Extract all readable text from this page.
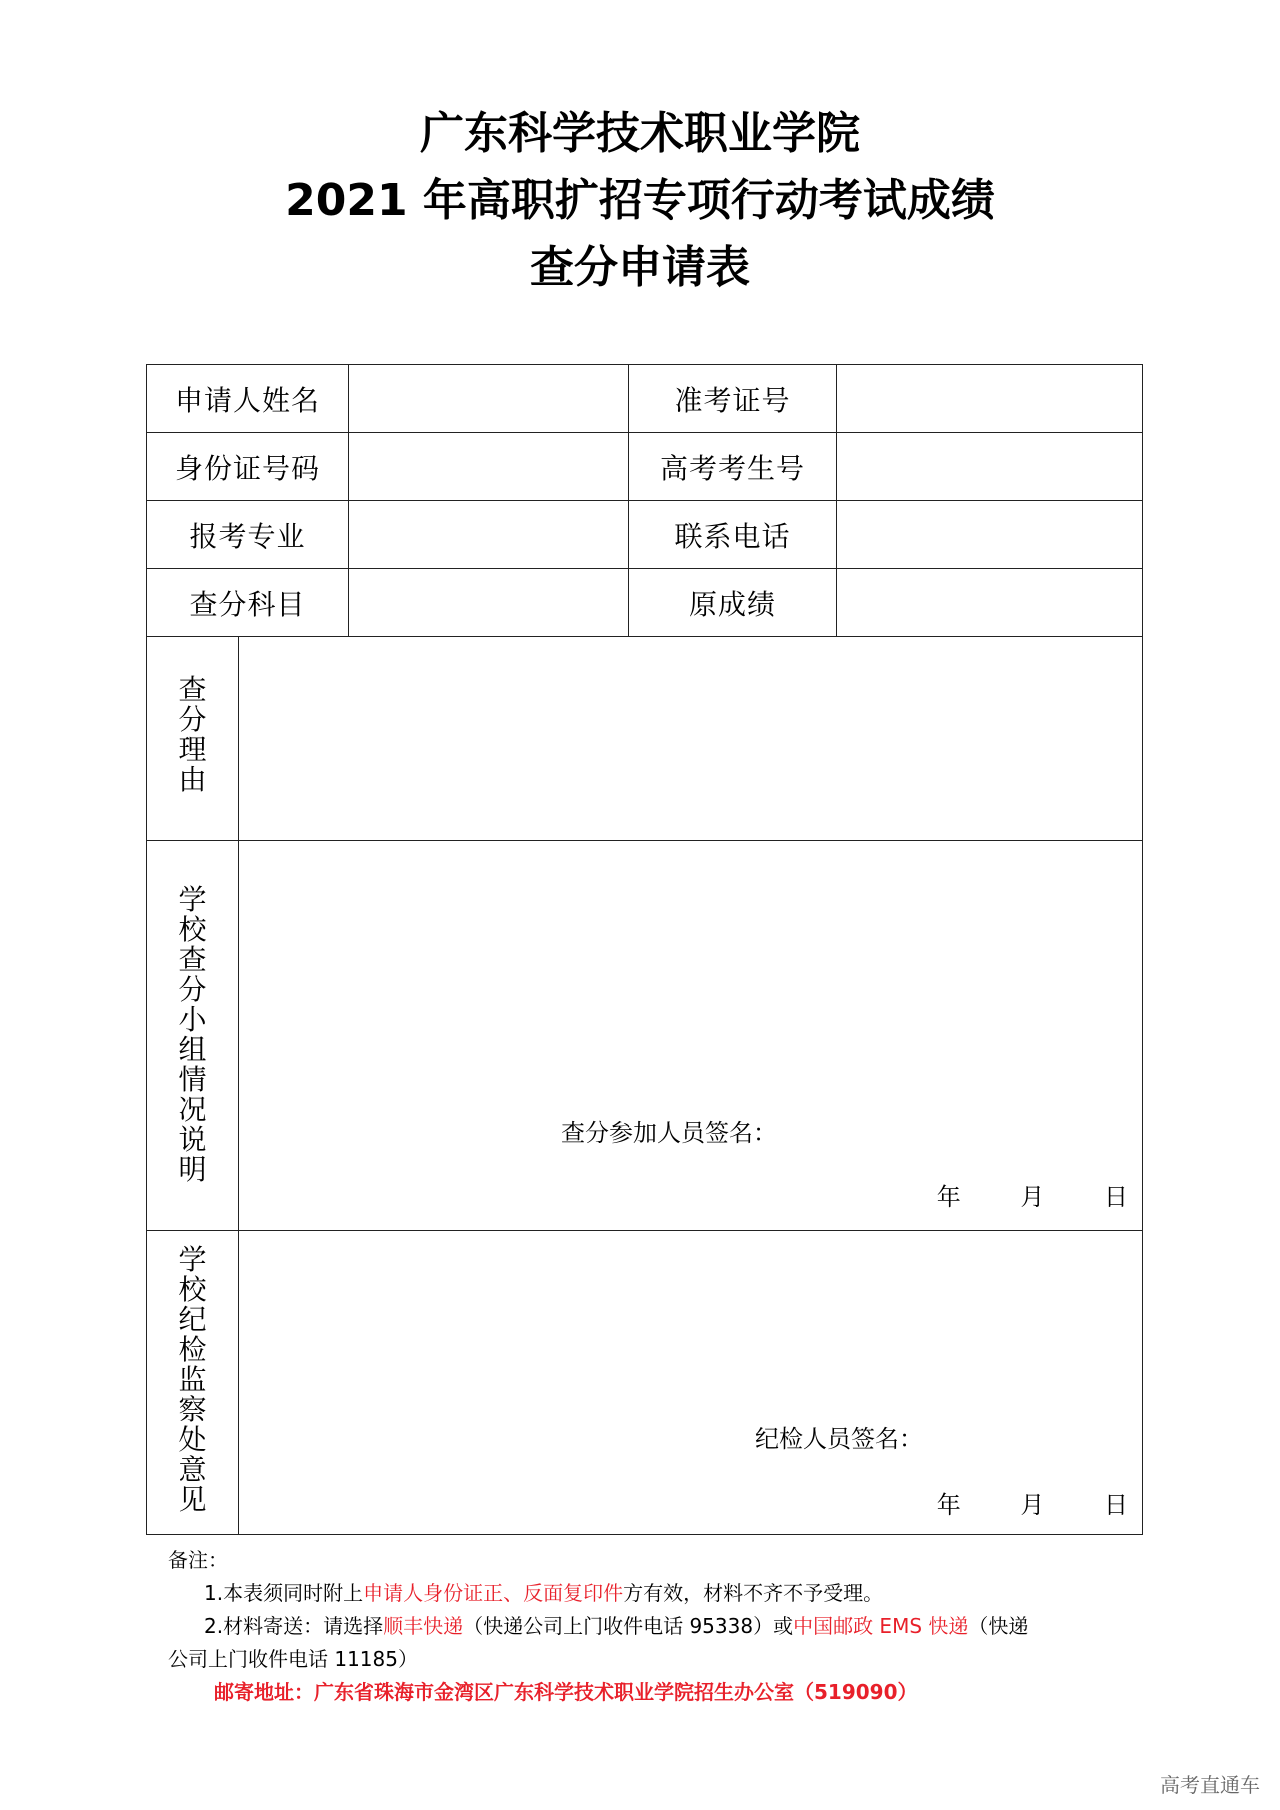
广东科学技术职业学院
2021 年高职扩招专项行动考试成绩
查分申请表
申请人姓名			准考证号	
身份证号码			高考考生号	
报考专业			联系电话	
查分科目			原成绩	
查分理由				
学校查分小组情况说明	查分参加人员签名：
年 月 日			

学校纪检监察处意见	纪检人员签名：
年 月 日			
备注：
1.本表须同时附上申请人身份证正、反面复印件方有效，材料不齐不予受理。
2.材料寄送：请选择顺丰快递（快递公司上门收件电话 95338）或中国邮政 EMS 快递（快递
公司上门收件电话 11185）
邮寄地址：广东省珠海市金湾区广东科学技术职业学院招生办公室（519090）
高考直通车
